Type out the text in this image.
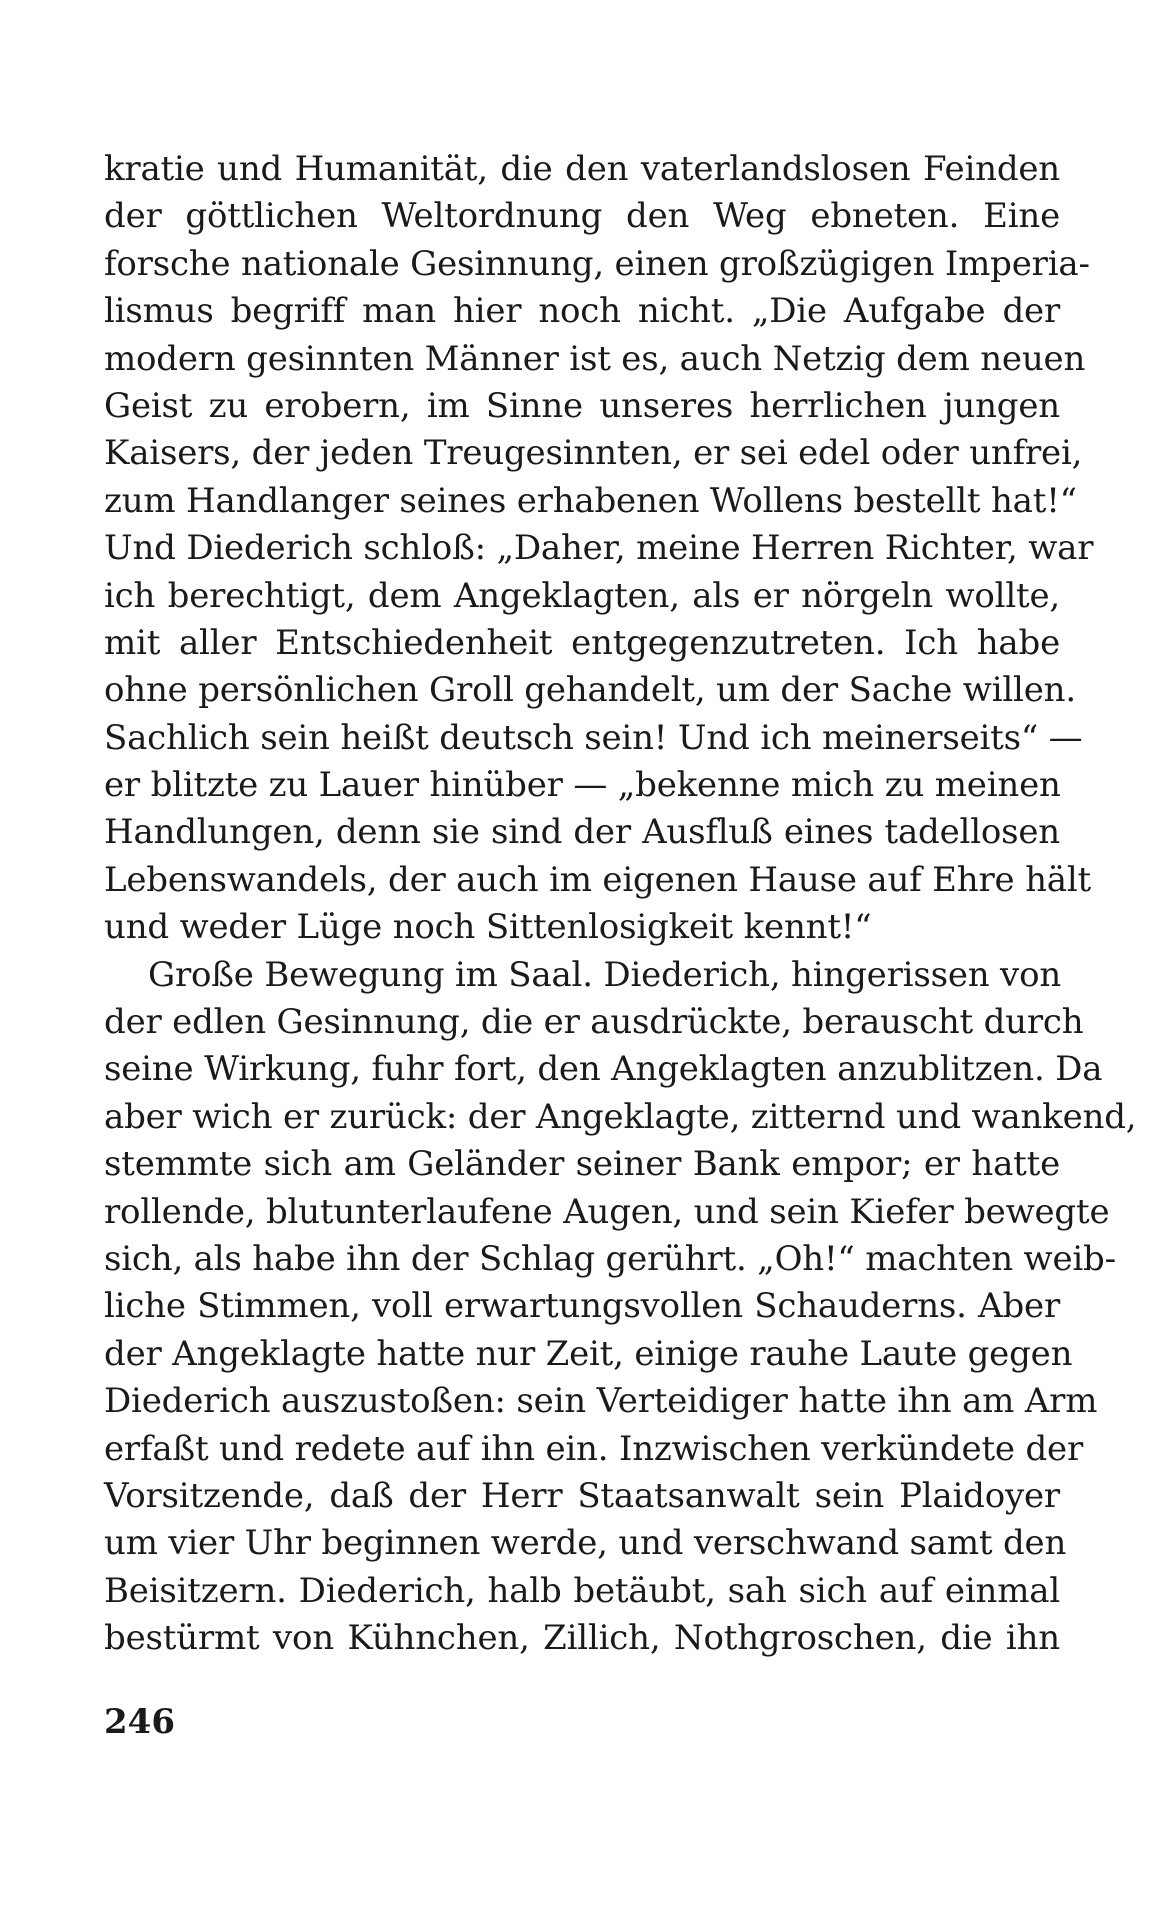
kratie und Humanität, die den vaterlandslosen Feinden
der göttlichen Weltordnung den Weg ebneten. Eine
forsche nationale Gesinnung, einen großzügigen Imperia-
lismus begriff man hier noch nicht. „Die Aufgabe der
modern gesinnten Männer ist es, auch Netzig dem neuen
Geist zu erobern, im Sinne unseres herrlichen jungen
Kaisers, der jeden Treugesinnten, er sei edel oder unfrei,
zum Handlanger seines erhabenen Wollens bestellt hat!“
Und Diederich schloß: „Daher, meine Herren Richter, war
ich berechtigt, dem Angeklagten, als er nörgeln wollte,
mit aller Entschiedenheit entgegenzutreten. Ich habe
ohne persönlichen Groll gehandelt, um der Sache willen.
Sachlich sein heißt deutsch sein! Und ich meinerseits“ —
er blitzte zu Lauer hinüber — „bekenne mich zu meinen
Handlungen, denn sie sind der Ausfluß eines tadellosen
Lebenswandels, der auch im eigenen Hause auf Ehre hält
und weder Lüge noch Sittenlosigkeit kennt!“
Große Bewegung im Saal. Diederich, hingerissen von
der edlen Gesinnung, die er ausdrückte, berauscht durch
seine Wirkung, fuhr fort, den Angeklagten anzublitzen. Da
aber wich er zurück: der Angeklagte, zitternd und wankend,
stemmte sich am Geländer seiner Bank empor; er hatte
rollende, blutunterlaufene Augen, und sein Kiefer bewegte
sich, als habe ihn der Schlag gerührt. „Oh!“ machten weib-
liche Stimmen, voll erwartungsvollen Schauderns. Aber
der Angeklagte hatte nur Zeit, einige rauhe Laute gegen
Diederich auszustoßen: sein Verteidiger hatte ihn am Arm
erfaßt und redete auf ihn ein. Inzwischen verkündete der
Vorsitzende, daß der Herr Staatsanwalt sein Plaidoyer
um vier Uhr beginnen werde, und verschwand samt den
Beisitzern. Diederich, halb betäubt, sah sich auf einmal
bestürmt von Kühnchen, Zillich, Nothgroschen, die ihn
246
